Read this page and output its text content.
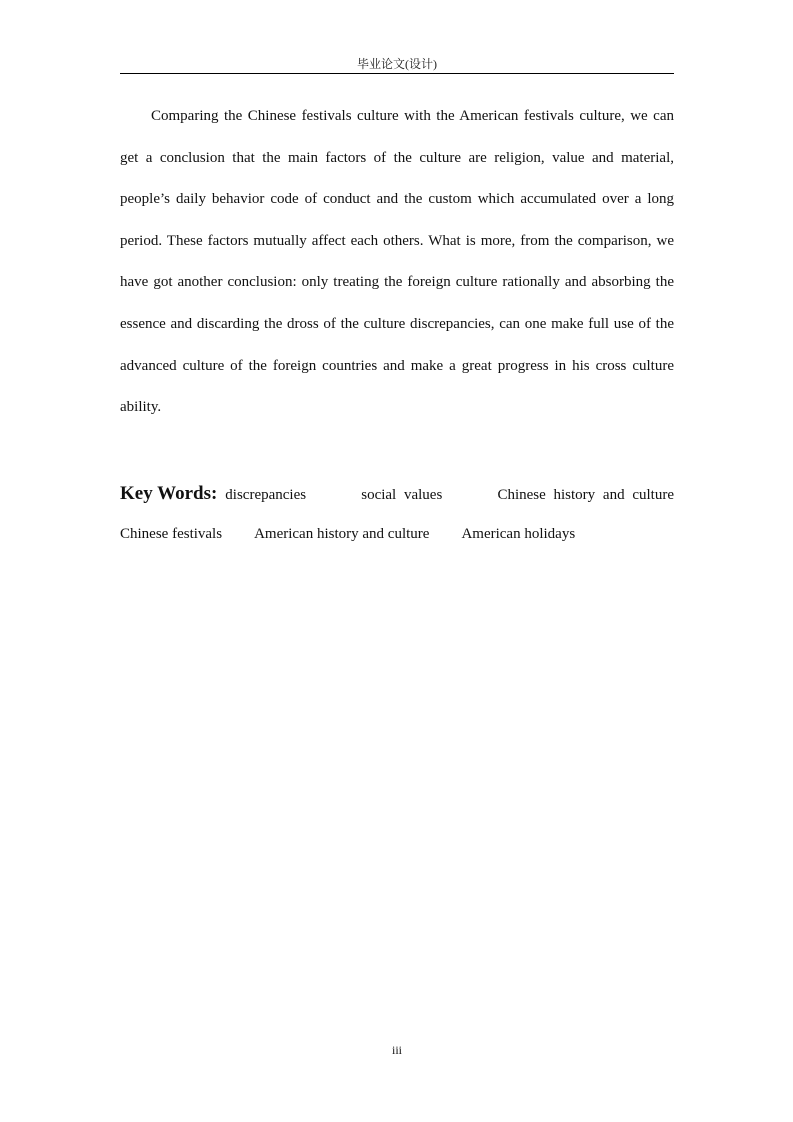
毕业论文(设计)

Comparing the Chinese festivals culture with the American festivals culture, we can get a conclusion that the main factors of the culture are religion, value and material, people’s daily behavior code of conduct and the custom which accumulated over a long period. These factors mutually affect each others. What is more, from the comparison, we have got another conclusion: only treating the foreign culture rationally and absorbing the essence and discarding the dross of the culture discrepancies, can one make full use of the advanced culture of the foreign countries and make a great progress in his cross culture ability.

Key Words: discrepancies	social values	Chinese history and culture
Chinese festivals American history and culture American holidays
iii
